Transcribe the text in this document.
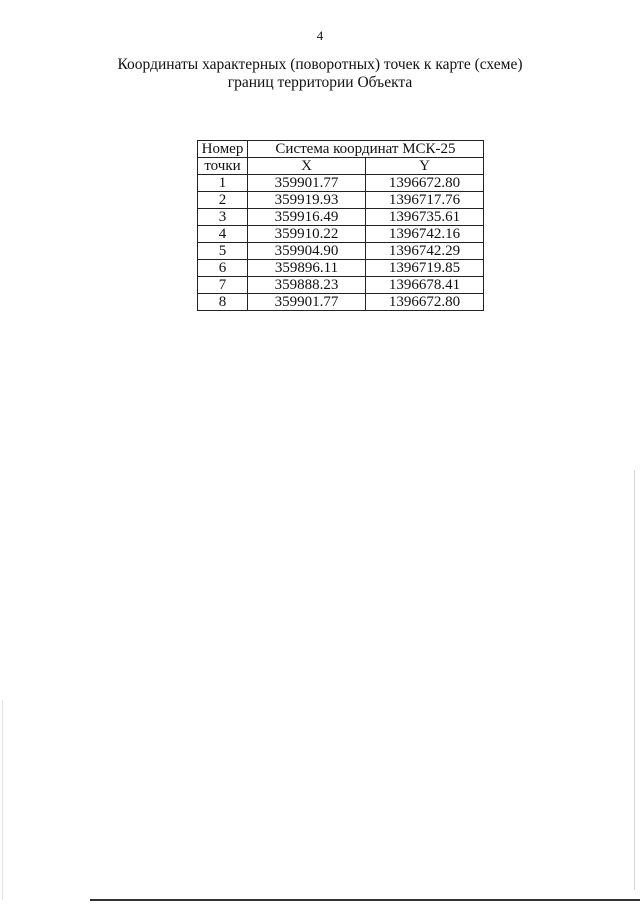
4
Координаты характерных (поворотных) точек к карте (схеме)
границ территории Объекта
Номер	Система координат МСК-25	
точки	X	Y
1	359901.77	1396672.80
2	359919.93	1396717.76
3	359916.49	1396735.61
4	359910.22	1396742.16
5	359904.90	1396742.29
6	359896.11	1396719.85
7	359888.23	1396678.41
8	359901.77	1396672.80
